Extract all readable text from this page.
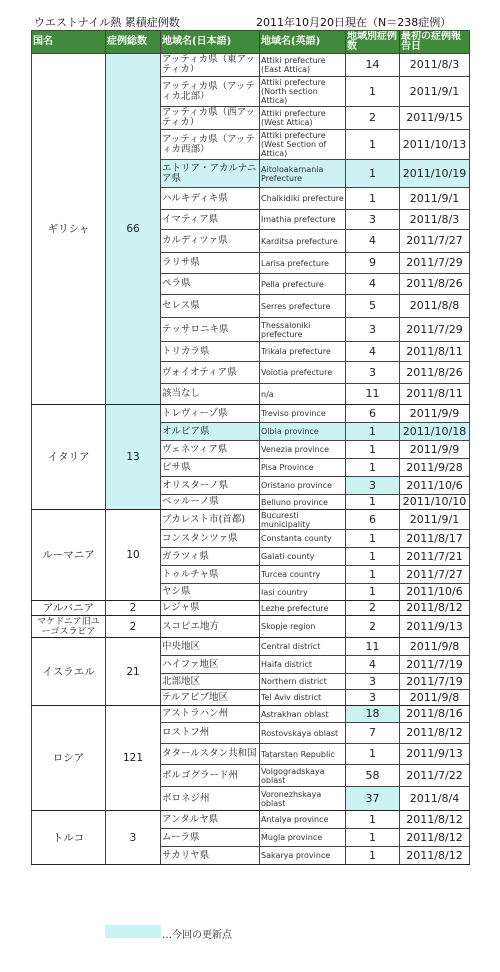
ウエストナイル熱 累積症例数	2011年10月20日現在（N＝238症例）
国名	症例総数	地域名(日本語)	地域名(英語)	地域別症例数	最初の症例報告日
ギリシャ	66	アッティカ県（東アッティカ）	Attiki prefecture (East Attica)	14	2011/8/3
		アッティカ県（アッティカ北部）	Attiki prefecture (North section Attica)	1	2011/9/1
		アッティカ県（西アッティカ）	Attiki prefecture (West Attica)	2	2011/9/15
		アッティカ県（アッティカ西部）	Attiki prefecture (West Section of Attica)	1	2011/10/13
		エトリア・アカルナニア県	Aitoloakarnania Prefecture	1	2011/10/19
		ハルキディキ県	Chalkidiki prefecture	1	2011/9/1
		イマティア県	Imathia prefecture	3	2011/8/3
		カルディツァ県	Karditsa prefecture	4	2011/7/27
		ラリサ県	Larisa prefecture	9	2011/7/29
		ペラ県	Pella prefecture	4	2011/8/26
		セレス県	Serres prefecture	5	2011/8/8
		テッサロニキ県	Thessaloniki prefecture	3	2011/7/29
		トリカラ県	Trikala prefecture	4	2011/8/11
		ヴォイオティア県	Voiotia prefecture	3	2011/8/26
		該当なし	n/a	11	2011/8/11
イタリア	13	トレヴィーゾ県	Treviso province	6	2011/9/9
		オルビア県	Olbia province	1	2011/10/18
		ヴェネツィア県	Venezia province	1	2011/9/9
		ピサ県	Pisa Province	1	2011/9/28
		オリスターノ県	Oristano province	3	2011/10/6
		ベッルーノ県	Belluno province	1	2011/10/10
ルーマニア	10	ブカレスト市(首都)	Bucuresti municipality	6	2011/9/1
		コンスタンツァ県	Constanta county	1	2011/8/17
		ガラツィ県	Galati county	1	2011/7/21
		トゥルチャ県	Turcea country	1	2011/7/27
		ヤシ県	Iasi country	1	2011/10/6
アルバニア	2	レジャ県	Lezhe prefecture	2	2011/8/12
マケドニア旧ユーゴスラビア	2	スコピエ地方	Skopje region	2	2011/9/13
イスラエル	21	中央地区	Central district	11	2011/9/8
		ハイファ地区	Haifa district	4	2011/7/19
		北部地区	Northern district	3	2011/7/19
		テルアビブ地区	Tel Aviv district	3	2011/9/8
ロシア	121	アストラハン州	Astrakhan oblast	18	2011/8/16
		ロストフ州	Rostovskaya oblast	7	2011/8/12
		タタールスタン共和国	Tatarstan Republic	1	2011/9/13
		ボルゴグラード州	Volgogradskaya oblast	58	2011/7/22
		ボロネジ州	Voronezhskaya oblast	37	2011/8/4
トルコ	3	アンタルヤ県	Antalya province	1	2011/8/12
		ムーラ県	Mugla province	1	2011/8/12
		サカリヤ県	Sakarya province	1	2011/8/12
…今回の更新点
